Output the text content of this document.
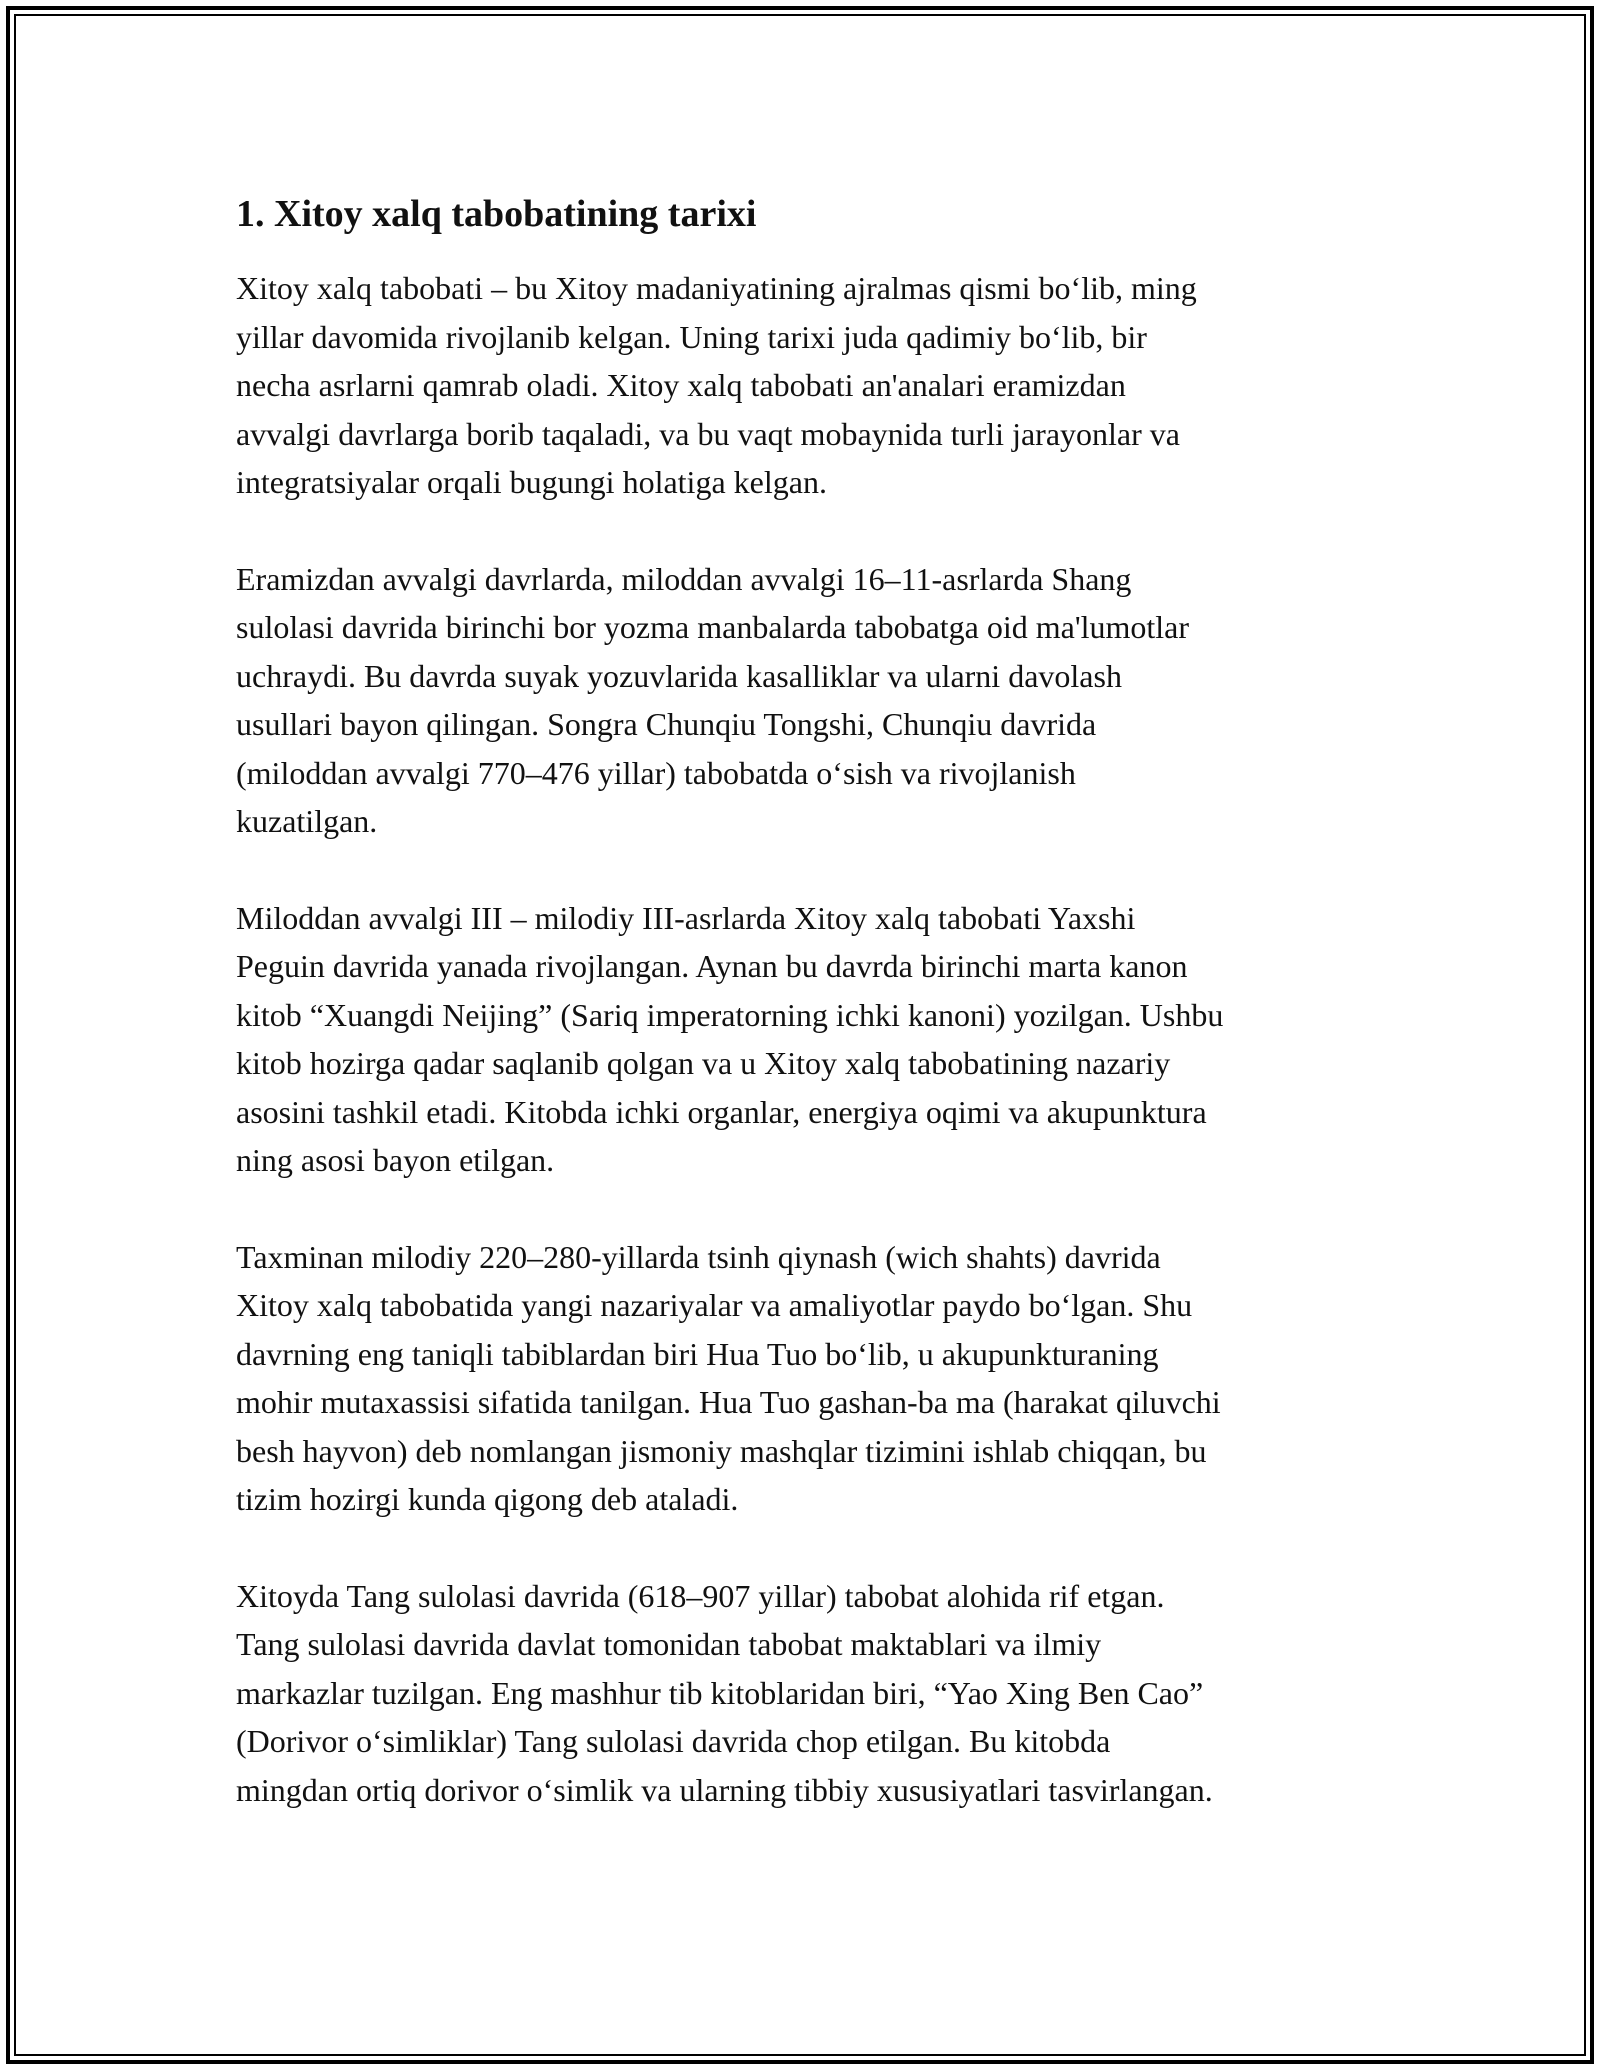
1. Xitoy xalq tabobatining tarixi

Xitoy xalq tabobati – bu Xitoy madaniyatining ajralmas qismi bo‘lib, ming
yillar davomida rivojlanib kelgan. Uning tarixi juda qadimiy bo‘lib, bir
necha asrlarni qamrab oladi. Xitoy xalq tabobati an'analari eramizdan
avvalgi davrlarga borib taqaladi, va bu vaqt mobaynida turli jarayonlar va
integratsiyalar orqali bugungi holatiga kelgan.

Eramizdan avvalgi davrlarda, miloddan avvalgi 16–11-asrlarda Shang
sulolasi davrida birinchi bor yozma manbalarda tabobatga oid ma'lumotlar
uchraydi. Bu davrda suyak yozuvlarida kasalliklar va ularni davolash
usullari bayon qilingan. Songra Chunqiu Tongshi, Chunqiu davrida
(miloddan avvalgi 770–476 yillar) tabobatda o‘sish va rivojlanish
kuzatilgan.

Miloddan avvalgi III – milodiy III-asrlarda Xitoy xalq tabobati Yaxshi
Peguin davrida yanada rivojlangan. Aynan bu davrda birinchi marta kanon
kitob “Xuangdi Neijing” (Sariq imperatorning ichki kanoni) yozilgan. Ushbu
kitob hozirga qadar saqlanib qolgan va u Xitoy xalq tabobatining nazariy
asosini tashkil etadi. Kitobda ichki organlar, energiya oqimi va akupunktura
ning asosi bayon etilgan.

Taxminan milodiy 220–280-yillarda tsinh qiynash (wich shahts) davrida
Xitoy xalq tabobatida yangi nazariyalar va amaliyotlar paydo bo‘lgan. Shu
davrning eng taniqli tabiblardan biri Hua Tuo bo‘lib, u akupunkturaning
mohir mutaxassisi sifatida tanilgan. Hua Tuo gashan-ba ma (harakat qiluvchi
besh hayvon) deb nomlangan jismoniy mashqlar tizimini ishlab chiqqan, bu
tizim hozirgi kunda qigong deb ataladi.

Xitoyda Tang sulolasi davrida (618–907 yillar) tabobat alohida rif etgan.
Tang sulolasi davrida davlat tomonidan tabobat maktablari va ilmiy
markazlar tuzilgan. Eng mashhur tib kitoblaridan biri, “Yao Xing Ben Cao”
(Dorivor o‘simliklar) Tang sulolasi davrida chop etilgan. Bu kitobda
mingdan ortiq dorivor o‘simlik va ularning tibbiy xususiyatlari tasvirlangan.
